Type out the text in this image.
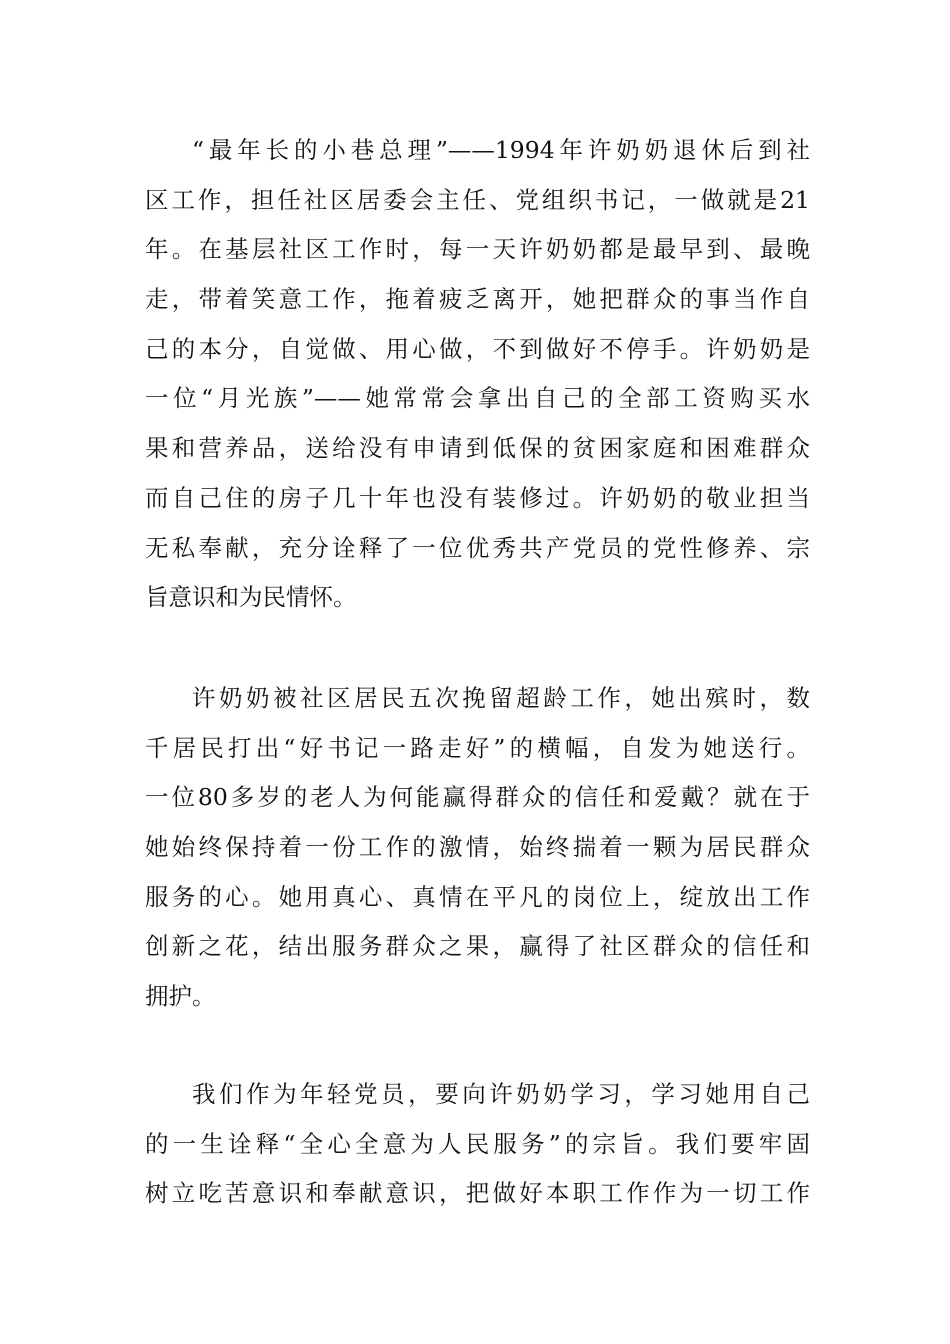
“最年长的小巷总理”——1994年许奶奶退休后到社
区工作，担任社区居委会主任、党组织书记，一做就是21
年。在基层社区工作时，每一天许奶奶都是最早到、最晚
走，带着笑意工作，拖着疲乏离开，她把群众的事当作自
己的本分，自觉做、用心做，不到做好不停手。许奶奶是
一位“月光族”——她常常会拿出自己的全部工资购买水
果和营养品，送给没有申请到低保的贫困家庭和困难群众
而自己住的房子几十年也没有装修过。许奶奶的敬业担当
无私奉献，充分诠释了一位优秀共产党员的党性修养、宗
旨意识和为民情怀。
许奶奶被社区居民五次挽留超龄工作，她出殡时，数
千居民打出“好书记一路走好”的横幅，自发为她送行。
一位80多岁的老人为何能赢得群众的信任和爱戴？就在于
她始终保持着一份工作的激情，始终揣着一颗为居民群众
服务的心。她用真心、真情在平凡的岗位上，绽放出工作
创新之花，结出服务群众之果，赢得了社区群众的信任和
拥护。
我们作为年轻党员，要向许奶奶学习，学习她用自己
的一生诠释“全心全意为人民服务”的宗旨。我们要牢固
树立吃苦意识和奉献意识，把做好本职工作作为一切工作
